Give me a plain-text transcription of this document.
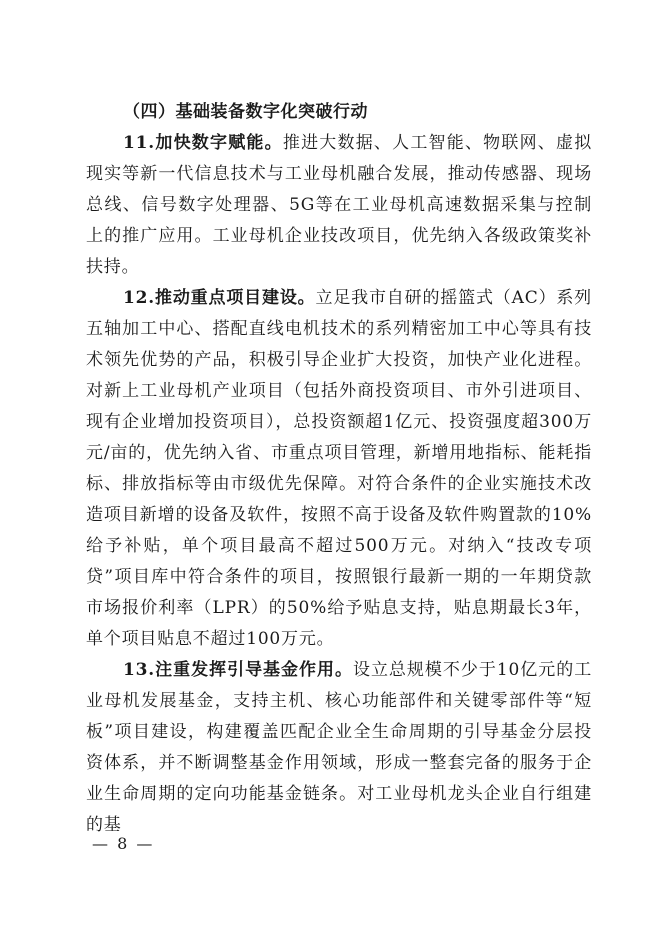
（四）基础装备数字化突破行动

11.加快数字赋能。推进大数据、人工智能、物联网、虚拟现实等新一代信息技术与工业母机融合发展，推动传感器、现场总线、信号数字处理器、5G等在工业母机高速数据采集与控制上的推广应用。工业母机企业技改项目，优先纳入各级政策奖补扶持。

12.推动重点项目建设。立足我市自研的摇篮式（AC）系列五轴加工中心、搭配直线电机技术的系列精密加工中心等具有技术领先优势的产品，积极引导企业扩大投资，加快产业化进程。对新上工业母机产业项目（包括外商投资项目、市外引进项目、现有企业增加投资项目），总投资额超1亿元、投资强度超300万元/亩的，优先纳入省、市重点项目管理，新增用地指标、能耗指标、排放指标等由市级优先保障。对符合条件的企业实施技术改造项目新增的设备及软件，按照不高于设备及软件购置款的10%给予补贴，单个项目最高不超过500万元。对纳入“技改专项贷”项目库中符合条件的项目，按照银行最新一期的一年期贷款市场报价利率（LPR）的50%给予贴息支持，贴息期最长3年，单个项目贴息不超过100万元。

13.注重发挥引导基金作用。设立总规模不少于10亿元的工业母机发展基金，支持主机、核心功能部件和关键零部件等“短板”项目建设，构建覆盖匹配企业全生命周期的引导基金分层投资体系，并不断调整基金作用领域，形成一整套完备的服务于企业生命周期的定向功能基金链条。对工业母机龙头企业自行组建的基

— 8 —
